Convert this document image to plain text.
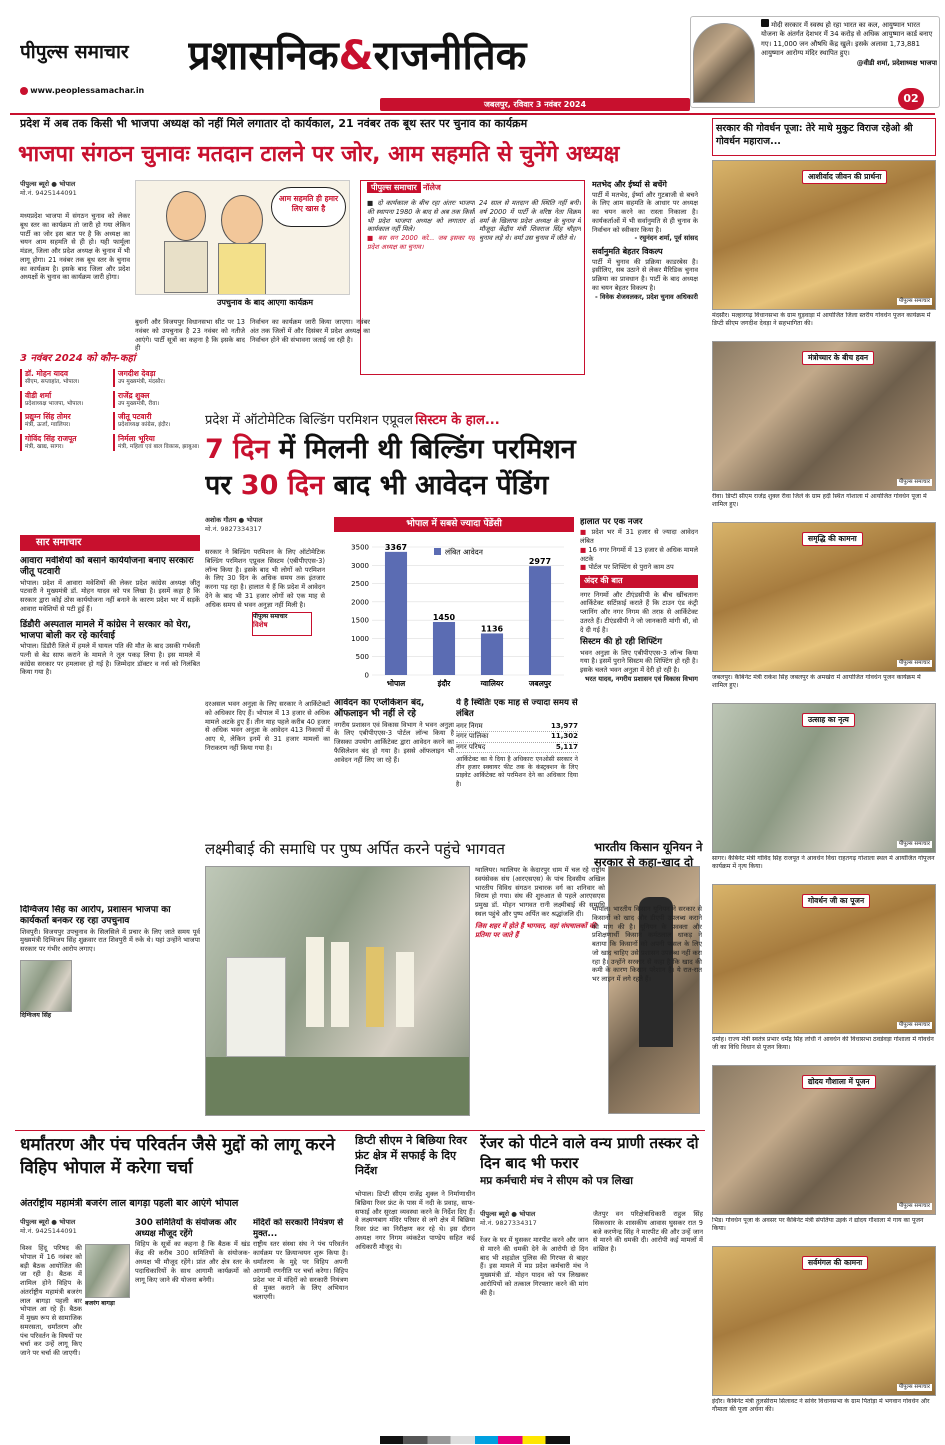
पीपुल्स समाचार
www.peoplessamachar.in
प्रशासनिक&राजनीतिक
जबलपुर, रविवार 3 नवंबर 2024
मोदी सरकार में स्वस्थ हो रहा भारत का कल, आयुष्मान भारत योजना के अंतर्गत देशभर में 34 करोड़ से अधिक आयुष्मान कार्ड बनाए गए। 11,000 जन औषधि केंद्र खुले। इसके अलावा 1,73,881 आयुष्मान आरोग्य मंदिर स्थापित हुए।
@वीडी शर्मा, प्रदेशाध्यक्ष भाजपा
02
प्रदेश में अब तक किसी भी भाजपा अध्यक्ष को नहीं मिले लगातार दो कार्यकाल, 21 नवंबर तक बूथ स्तर पर चुनाव का कार्यक्रम
भाजपा संगठन चुनावः मतदान टालने पर जोर, आम सहमति से चुनेंगे अध्यक्ष
पीपुल्स ब्यूरो ● भोपाल
मो.नं. 9425144091
मध्यप्रदेश भाजपा में संगठन चुनाव को लेकर बूथ स्तर का कार्यक्रम तो जारी हो गया लेकिन पार्टी का जोर इस बात पर है कि अध्यक्ष का चयन आम सहमति से ही हो। यही फार्मूला मंडल, जिला और प्रदेश अध्यक्ष के चुनाव में भी लागू होगा। 21 नवंबर तक बूथ स्तर के चुनाव का कार्यक्रम है। इसके बाद जिला और प्रदेश अध्यक्षों के चुनाव का कार्यक्रम जारी होगा।
आम सहमति ही हमार लिए खास है
उपचुनाव के बाद आएगा कार्यक्रम
बुधनी और विजयपुर विधानसभा सीट पर 13 नवंबर को उपचुनाव है 23 नवंबर को नतीजे आएंगे। पार्टी सूत्रों का कहना है कि इसके बाद ही
निर्वाचन का कार्यक्रम जारी किया जाएगा। नवंबर अंत तक जिलों में और दिसंबर में प्रदेश अध्यक्ष का निर्वाचन होने की संभावना जताई जा रही है।
पीपुल्स समाचार नॉलेज
■ दो कार्यकाल के बीच रहा अंतरः भाजपा की स्थापना 1980 के बाद से अब तक किसी भी प्रदेश भाजपा अध्यक्ष को लगातार दो कार्यकाल नहीं मिले।
■ बस सन 2000 को... जब इसका यह प्रदेश अध्यक्ष का चुनाव।
24 साल से मतदान की स्थिति नहीं बनी। वर्ष 2000 में पार्टी के वरिष्ठ नेता विक्रम वर्मा के खिलाफ प्रदेश अध्यक्ष के चुनाव में मौजूदा केंद्रीय मंत्री शिवराज सिंह चौहान चुनाव लड़े थे। वर्मा उस चुनाव में जीते थे।
मतभेद और ईर्ष्या से बचेंगे
पार्टी में मतभेद, ईर्ष्या और गुटबाजी से बचने के लिए आम सहमति के आधार पर अध्यक्ष का चयन करने का रास्ता निकाला है। कार्यकर्ताओं में भी सर्वानुमति से ही चुनाव के निर्वाचन को स्वीकार किया है।
- रघुनंदन शर्मा, पूर्व सांसद
सर्वानुमति बेहतर विकल्प
पार्टी में चुनाव की प्रक्रिया काडरबेस है। इसीलिए, सब उठाने से लेकर मैरिडिक चुनाव प्रक्रिया का प्रावधान है। पार्टी के बाद अध्यक्ष का चयन बेहतर विकल्प है।
- विवेक शेजवलकर, प्रदेश चुनाव अधिकारी
3 नवंबर 2024 को कौन-कहां
डॉ. मोहन यादव
सीएम, सप्ताहांत, भोपाल।
जगदीश देवड़ा
उप मुख्यमंत्री, मंदसौर।
वीडी शर्मा
प्रदेशाध्यक्ष भाजपा, भोपाल।
राजेंद्र शुक्ल
उप मुख्यमंत्री, रीवा।
प्रद्युम्न सिंह तोमर
मंत्री, ऊर्जा, ग्वालियर।
जीतू पटवारी
प्रदेशाध्यक्ष कांग्रेस, इंदौर।
गोविंद सिंह राजपूत
मंत्री, खाद्य, सागर।
निर्मला भूरिया
मंत्री, महिला एवं बाल विकास, झाबुआ।
सार समाचार
आवारा मवेशियों को बसाने कार्ययोजना बनाए सरकारः जीतू पटवारी
भोपाल। प्रदेश में आवारा मवेशियों की लेकर प्रदेश कांग्रेस अध्यक्ष जीतू पटवारी ने मुख्यमंत्री डॉ. मोहन यादव को पत्र लिखा है। इसमें कहा है कि सरकार द्वारा कोई ठोस कार्ययोजना नहीं बनाने के कारण प्रदेश भर में सड़कें आवारा मवेशियों से पटी हुई हैं।
डिंडौरी अस्पताल मामले में कांग्रेस ने सरकार को घेरा, भाजपा बोली कर रहे कार्रवाई
भोपाल। डिंडौरी जिले में हमले में घायल पति की मौत के बाद उसकी गर्भवती पत्नी से बेड साफ कराने के मामले ने तूल पकड़ लिया है। इस मामले में कांग्रेस सरकार पर हमलावर हो गई है। जिम्मेदार डॉक्टर व नर्स को निलंबित किया गया है।
दिग्विजय सिंह का आरोप, प्रशासन भाजपा का कार्यकर्ता बनकर रह रहा उपचुनाव
शिवपुरी। विजयपुर उपचुनाव के सिलसिले में प्रचार के लिए जाते समय पूर्व मुख्यमंत्री दिग्विजय सिंह शुक्रवार रात शिवपुरी में रुके थे। यहां उन्होंने भाजपा सरकार पर गंभीर आरोप लगाए।
दिग्विजय सिंह
प्रदेश में ऑटोमेटिक बिल्डिंग परमिशन एप्रूवल सिस्टम के हाल...
7 दिन में मिलनी थी बिल्डिंग परमिशन
पर 30 दिन बाद भी आवेदन पेंडिंग
अशोक गौतम ● भोपाल
मो.नं. 9827334317
सरकार ने बिल्डिंग परमिशन के लिए ऑटोमेटिक बिल्डिंग परमिशन एप्रूवल सिस्टम (एबीपीएएस-3) लॉन्च किया है। इसके बाद भी लोगों को परमिशन के लिए 30 दिन के अधिक समय तक इंतजार करना पड़ रहा है। हालात ये हैं कि प्रदेश में आवेदन देने के बाद भी 31 हजार लोगों को एक माह से अधिक समय से भवन अनुज्ञा नहीं मिली है।
पीपुल्स समाचार
विशेष
दरअसल भवन अनुज्ञा के लिए सरकार ने आर्किटेक्टों को अधिकार दिए हैं। भोपाल में 13 हजार से अधिक मामले अटके हुए हैं। तीन माह पहले करीब 40 हजार से अधिक भवन अनुज्ञा के आवेदन 413 निकायों में आए थे, लेकिन इनमें से 31 हजार मामलों का निराकरण नहीं किया गया है।
भोपाल में सबसे ज्यादा पेंडेंसी
0
500
1000
1500
2000
2500
3000
3500 3367
भोपाल
1450
इंदौर
1136
ग्वालियर
2977
जबलपुर
लंबित आवेदन
आवेदन का एप्लीकेशन बंद, ऑफलाइन भी नहीं ले रहे
नगरीय प्रशासन एवं विकास विभाग ने भवन अनुज्ञा के लिए एबीपीएएस-3 पोर्टल लॉन्च किया है जिसका उपयोग आर्किटेक्ट द्वारा आवेदन करने का फैसिलेशन बंद हो गया है। इससे ऑफलाइन भी आवेदन नहीं लिए जा रहे हैं।
ये है स्थितिः एक माह से ज्यादा समय से लंबित
नगर निगम	13,977
नगर पालिका	11,302
नगर परिषद	5,117
आर्किटेक्ट का ये दिया है अधिकारः एनओसी सरकार ने तीन हजार स्क्वायर फीट तक के कंस्ट्रक्शन के लिए प्राइवेट आर्किटेक्ट को परमिशन देने का अधिकार दिया है।
हालात पर एक नजर
■ प्रदेश भर में 31 हजार से ज्यादा आवेदन लंबित
■ 16 नगर निगमों में 13 हजार से अधिक मामले अटके
■ पोर्टल पर शिफ्टिंग से पुराने काम ठप
अंदर की बात
नगर निगमों और टीएंडसीपी के बीच खींचतानः आर्किटेक्ट सर्टिफ़ाई कराते हैं कि टाउन एंड कंट्री प्लानिंग और नगर निगम की तरफ़ से आर्किटेक्ट उतरते हैं। टीएंडसीपी ने जो जानकारी मांगी थी, वो दे दी गई है।
सिस्टम की हो रही शिफ्टिंग
भवन अनुज्ञा के लिए एबीपीएएस-3 लॉन्च किया गया है। इसमें पुराने सिस्टम की शिफ्टिंग हो रही है। इसके चलते भवन अनुज्ञा में देरी हो रही है।
भरत यादव, नगरीय प्रशासन एवं विकास विभाग
लक्ष्मीबाई की समाधि पर पुष्प अर्पित करने पहुंचे भागवत
ग्वालियर। ग्वालियर के केदारपुर धाम में चल रहे राष्ट्रीय स्वयंसेवक संघ (आरएसएस) के पांच दिवसीय अखिल भारतीय विविध संगठन प्रचारक वर्ग का शनिवार को विराम हो गया। संघ की शुरुआत से पहले आरएसएस प्रमुख डॉ. मोहन भागवत रानी लक्ष्मीबाई की समाधि स्थल पहुंचे और पुष्प अर्पित कर श्रद्धांजलि दी।
जिस शहर में होते हैं भागवत, वहां संघचालकों की प्रतिमा पर जाते हैं
धर्मांतरण और पंच परिवर्तन जैसे मुद्दों को लागू करने विहिप भोपाल में करेगा चर्चा
अंतर्राष्ट्रीय महामंत्री बजरंग लाल बागड़ा पहली बार आएंगे भोपाल
पीपुल्स ब्यूरो ● भोपाल
मो.नं. 9425144091
विश्व हिंदू परिषद की भोपाल में 16 नवंबर को बड़ी बैठक आयोजित की जा रही है। बैठक में शामिल होने विहिप के अंतर्राष्ट्रीय महामंत्री बजरंग लाल बागड़ा पहली बार भोपाल आ रहे हैं। बैठक में मुख्य रूप से सामाजिक समरसता, धर्मांतरण और पंच परिवर्तन के विषयों पर चर्चा कर उन्हें लागू किए जाने पर चर्चा की जाएगी।
बजरंग बागड़ा
300 समितियों के संयोजक और अध्यक्ष मौजूद रहेंगे
विहिप के सूत्रों का कहना है कि बैठक में खंड केंद्र की करीब 300 समितियों के संयोजक-अध्यक्ष भी मौजूद रहेंगे। प्रांत और क्षेत्र स्तर के पदाधिकारियों के साथ आगामी कार्यक्रमों को लागू किए जाने की योजना बनेगी।
मंदिरों को सरकारी नियंत्रण से मुक्त...
राष्ट्रीय स्तर संस्था संघ ने पंच परिवर्तन कार्यक्रम पर क्रियान्वयन शुरू किया है। धर्मांतरण के मुद्दे पर विहिप अपनी आगामी रणनीति पर चर्चा करेगा। विहिप प्रदेश भर में मंदिरों को सरकारी नियंत्रण से मुक्त कराने के लिए अभियान चलाएगी।
डिप्टी सीएम ने बिछिया रिवर फ्रंट क्षेत्र में सफाई के दिए निर्देश
भोपाल। डिप्टी सीएम राजेंद्र शुक्ल ने निर्माणाधीन बिछिया रिवर फ्रंट के पास में नदी के प्रवाह, साफ-सफाई और सुरक्षा व्यवस्था करने के निर्देश दिए हैं। वे लक्ष्मणबाग मंदिर परिसर से लगे क्षेत्र में बिछिया रिवर फ्रंट का निरीक्षण कर रहे थे। इस दौरान अध्यक्ष नगर निगम व्यंकटेश पाण्डेय सहित कई अधिकारी मौजूद थे।
रेंजर को पीटने वाले वन्य प्राणी तस्कर दो दिन बाद भी फरार
मप्र कर्मचारी मंच ने सीएम को पत्र लिखा
पीपुल्स ब्यूरो ● भोपाल
मो.नं. 9827334317
रेंजर के घर में घुसकर मारपीट करने और जान से मारने की धमकी देने के आरोपी दो दिन बाद भी शहडोल पुलिस की गिरफ्त से बाहर हैं। इस मामले में मप्र प्रदेश कर्मचारी मंच ने मुख्यमंत्री डॉ. मोहन यादव को पत्र लिखकर आरोपियों को तत्काल गिरफ्तार करने की मांग की है।
जैतपुर वन परिक्षेत्राधिकारी राहुल सिंह सिकरवार के शासकीय आवास घुसकर रात 9 बजे करणेन्द्र सिंह ने मारपीट की और उन्हें जान से मारने की धमकी दी। आरोपी कई मामलों में वांछित है।
भोपाल। भारतीय किसान यूनियन ने सरकार से किसानों को खाद और डीएपी उपलब्ध कराने की मांग की है। यूनियन के प्रवक्ता और प्रशिक्षणार्थी किसान कर्मठलाल धाकड़ ने बताया कि किसानों को अपनी फसल के लिए जो खाद चाहिए उसे प्रशासन उपलब्ध नहीं करा रहा है। उन्होंने सरकार से कहा है कि खाद की कमी के कारण किसान परेशान हैं। ये रात-रात भर लाइन में लगे रहते हैं।
भारतीय किसान यूनियन ने सरकार से कहा-खाद दो
सरकार की गोवर्धन पूजा: तेरे माथे मुकुट विराज रहेओ श्री गोवर्धन महाराज...
आशीर्वाद जीवन की प्रार्थना
पीपुल्स समाचार
मंदसौर। मल्हारगढ़ विधानसभा के ग्राम घुड़वाड़ा में आयोजित जिला स्तरीय गोवर्धन पूजन कार्यक्रम में डिप्टी सीएम जगदीश देवड़ा ने सहभागिता की।
मंत्रोच्चार के बीच हवन
पीपुल्स समाचार
रीवा। डिप्टी सीएम राजेंद्र शुक्ल रीवा जिले के ग्राम हर्दी स्थित गोशाला में आयोजित गोवर्धन पूजा में शामिल हुए।
समृद्धि की कामना
पीपुल्स समाचार
जबलपुर। कैबिनेट मंत्री राकेश सिंह जबलपुर के अमखेरा में आयोजित गोवर्धन पूजन कार्यक्रम में शामिल हुए।
उत्साह का नृत्य
पीपुल्स समाचार
सागर। कैबिनेट मंत्री गोविंद सिंह राजपूत ने आवर्धन विधा राहतगढ़ गोशाला स्थल में आयोजित गोपूजन कार्यक्रम में नृत्य किया।
गोवर्धन जी का पूजन
पीपुल्स समाचार
दमोह। राज्य मंत्री स्वतंत्र प्रभार धर्मेंद्र सिंह लोधी ने आवर्धन की विधासभा ठवडेवड़ा गोशाला में गोवर्धन जी का विधि विधान से पूजन किया।
द्योदय गौशाला में पूजन
पीपुल्स समाचार
भिंड। गोवर्धन पूजा के अवसर पर कैबिनेट मंत्री संपतिया उइके ने द्योदय गौशाला में गाय का पूजन किया।
सर्वमंगल की कामना
पीपुल्स समाचार
इंदौर। कैबिनेट मंत्री तुलसीराम सिलावट ने सांवेर विधानसभा के ग्राम पितोड़ा में भगवान गोवर्धन और गौमाता की पूजा अर्चना की।
